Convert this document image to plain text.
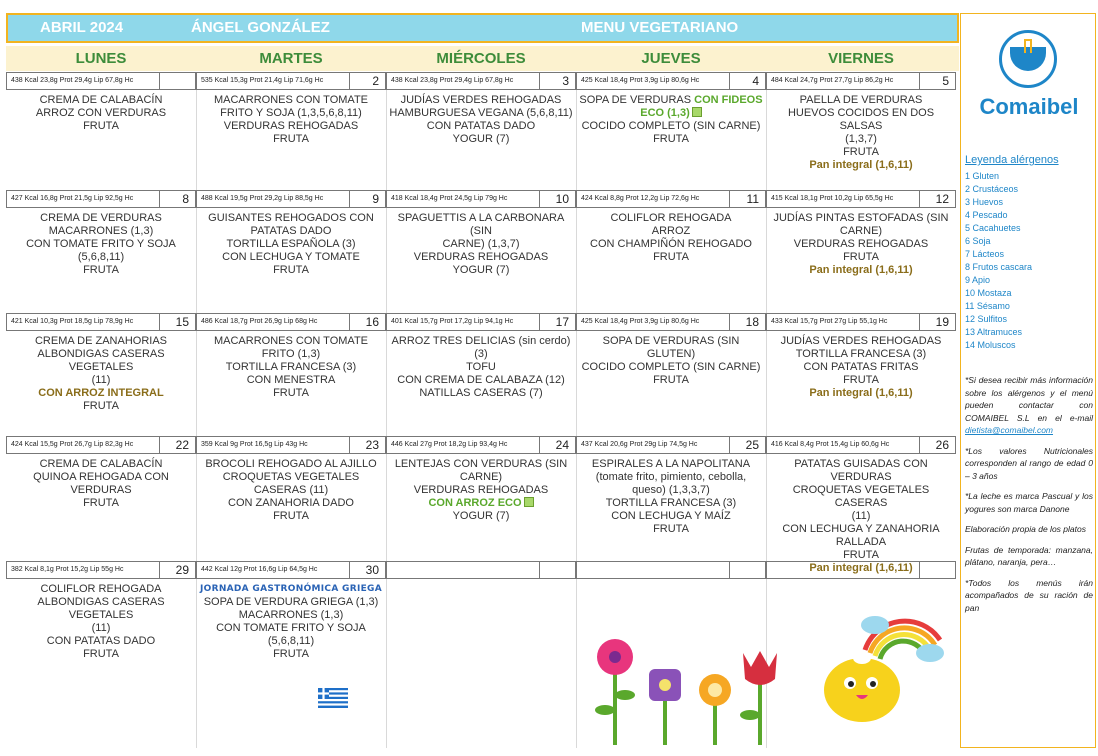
ABRIL 2024	ÁNGEL GONZÁLEZ	MENU VEGETARIANO
LUNES	MARTES	MIÉRCOLES	JUEVES	VIERNES
438 Kcal 23,8g Prot 29,4g Lip 67,8g Hc
CREMA DE CALABACÍN
ARROZ CON VERDURAS
FRUTA
535 Kcal 15,3g Prot 21,4g Lip 71,6g Hc	2
MACARRONES CON TOMATE
FRITO Y SOJA (1,3,5,6,8,11)
VERDURAS REHOGADAS
FRUTA
438 Kcal 23,8g Prot 29,4g Lip 67,8g Hc	3
JUDÍAS VERDES REHOGADAS
HAMBURGUESA VEGANA (5,6,8,11)
CON PATATAS DADO
YOGUR (7)
425 Kcal 18,4g Prot 3,9g Lip 80,6g Hc	4
SOPA DE VERDURAS CON FIDEOS
ECO (1,3)
COCIDO COMPLETO (SIN CARNE)
FRUTA
484 Kcal 24,7g Prot 27,7g Lip 86,2g Hc	5
PAELLA DE VERDURAS
HUEVOS COCIDOS EN DOS SALSAS
(1,3,7)
FRUTA
Pan integral (1,6,11)
427 Kcal 16,8g Prot 21,5g Lip 92,5g Hc	8
CREMA DE VERDURAS
MACARRONES (1,3)
CON TOMATE FRITO Y SOJA
(5,6,8,11)
FRUTA
488 Kcal 19,5g Prot 29,2g Lip 88,5g Hc	9
GUISANTES REHOGADOS CON
PATATAS DADO
TORTILLA ESPAÑOLA (3)
CON LECHUGA Y TOMATE
FRUTA
418 Kcal 18,4g Prot 24,5g Lip 79g Hc	10
SPAGUETTIS A LA CARBONARA (SIN
CARNE) (1,3,7)
VERDURAS REHOGADAS
YOGUR (7)
424 Kcal 8,8g Prot 12,2g Lip 72,6g Hc	11
COLIFLOR REHOGADA
ARROZ
CON CHAMPIÑÓN REHOGADO
FRUTA
415 Kcal 18,1g Prot 10,2g Lip 65,5g Hc	12
JUDÍAS PINTAS ESTOFADAS (SIN
CARNE)
VERDURAS REHOGADAS
FRUTA
Pan integral (1,6,11)
421 Kcal 10,3g Prot 18,5g Lip 78,9g Hc	15
CREMA DE ZANAHORIAS
ALBONDIGAS CASERAS VEGETALES
(11)
CON ARROZ INTEGRAL
FRUTA
486 Kcal 18,7g Prot 26,9g Lip 68g Hc	16
MACARRONES CON TOMATE
FRITO (1,3)
TORTILLA FRANCESA (3)
CON MENESTRA
FRUTA
401 Kcal 15,7g Prot 17,2g Lip 94,1g Hc	17
ARROZ TRES DELICIAS (sin cerdo) (3)
TOFU
CON CREMA DE CALABAZA (12)
NATILLAS CASERAS (7)
425 Kcal 18,4g Prot 3,9g Lip 80,6g Hc	18
SOPA DE VERDURAS (SIN GLUTEN)
COCIDO COMPLETO (SIN CARNE)
FRUTA
433 Kcal 15,7g Prot 27g Lip 55,1g Hc	19
JUDÍAS VERDES REHOGADAS
TORTILLA FRANCESA (3)
CON PATATAS FRITAS
FRUTA
Pan integral (1,6,11)
424 Kcal 15,5g Prot 26,7g Lip 82,3g Hc	22
CREMA DE CALABACÍN
QUINOA REHOGADA CON
VERDURAS
FRUTA
359 Kcal 9g Prot 16,5g Lip 43g Hc	23
BROCOLI REHOGADO AL AJILLO
CROQUETAS VEGETALES
CASERAS (11)
CON ZANAHORIA DADO
FRUTA
446 Kcal 27g Prot 18,2g Lip 93,4g Hc	24
LENTEJAS CON VERDURAS (SIN
CARNE)
VERDURAS REHOGADAS
CON ARROZ ECO
YOGUR (7)
437 Kcal 20,6g Prot 29g Lip 74,5g Hc	25
ESPIRALES A LA NAPOLITANA
(tomate frito, pimiento, cebolla,
queso) (1,3,3,7)
TORTILLA FRANCESA (3)
CON LECHUGA Y MAÍZ
FRUTA
416 Kcal 8,4g Prot 15,4g Lip 60,6g Hc	26
PATATAS GUISADAS CON VERDURAS
CROQUETAS VEGETALES CASERAS
(11)
CON LECHUGA Y ZANAHORIA
RALLADA
FRUTA
Pan integral (1,6,11)
382 Kcal 8,1g Prot 15,2g Lip 55g Hc	29
COLIFLOR REHOGADA
ALBONDIGAS CASERAS VEGETALES
(11)
CON PATATAS DADO
FRUTA
442 Kcal 12g Prot 16,6g Lip 64,5g Hc	30
JORNADA GASTRONÓMICA GRIEGA
SOPA DE VERDURA GRIEGA (1,3)
MACARRONES (1,3)
CON TOMATE FRITO Y SOJA
(5,6,8,11)
FRUTA
Comaibel
Leyenda alérgenos
1 Gluten
2 Crustáceos
3 Huevos
4 Pescado
5 Cacahuetes
6 Soja
7 Lácteos
8 Frutos cascara
9 Apio
10 Mostaza
11 Sésamo
12 Sulfitos
13 Altramuces
14 Moluscos

*Si desea recibir más información sobre los alérgenos y el menú pueden contactar con COMAIBEL S.L en el e-mail dietista@comaibel.com

*Los valores Nutricionales corresponden al rango de edad 0 – 3 años

*La leche es marca Pascual y los yogures son marca Danone

Elaboración propia de los platos

Frutas de temporada: manzana, plátano, naranja, pera…

*Todos los menús irán acompañados de su ración de pan
